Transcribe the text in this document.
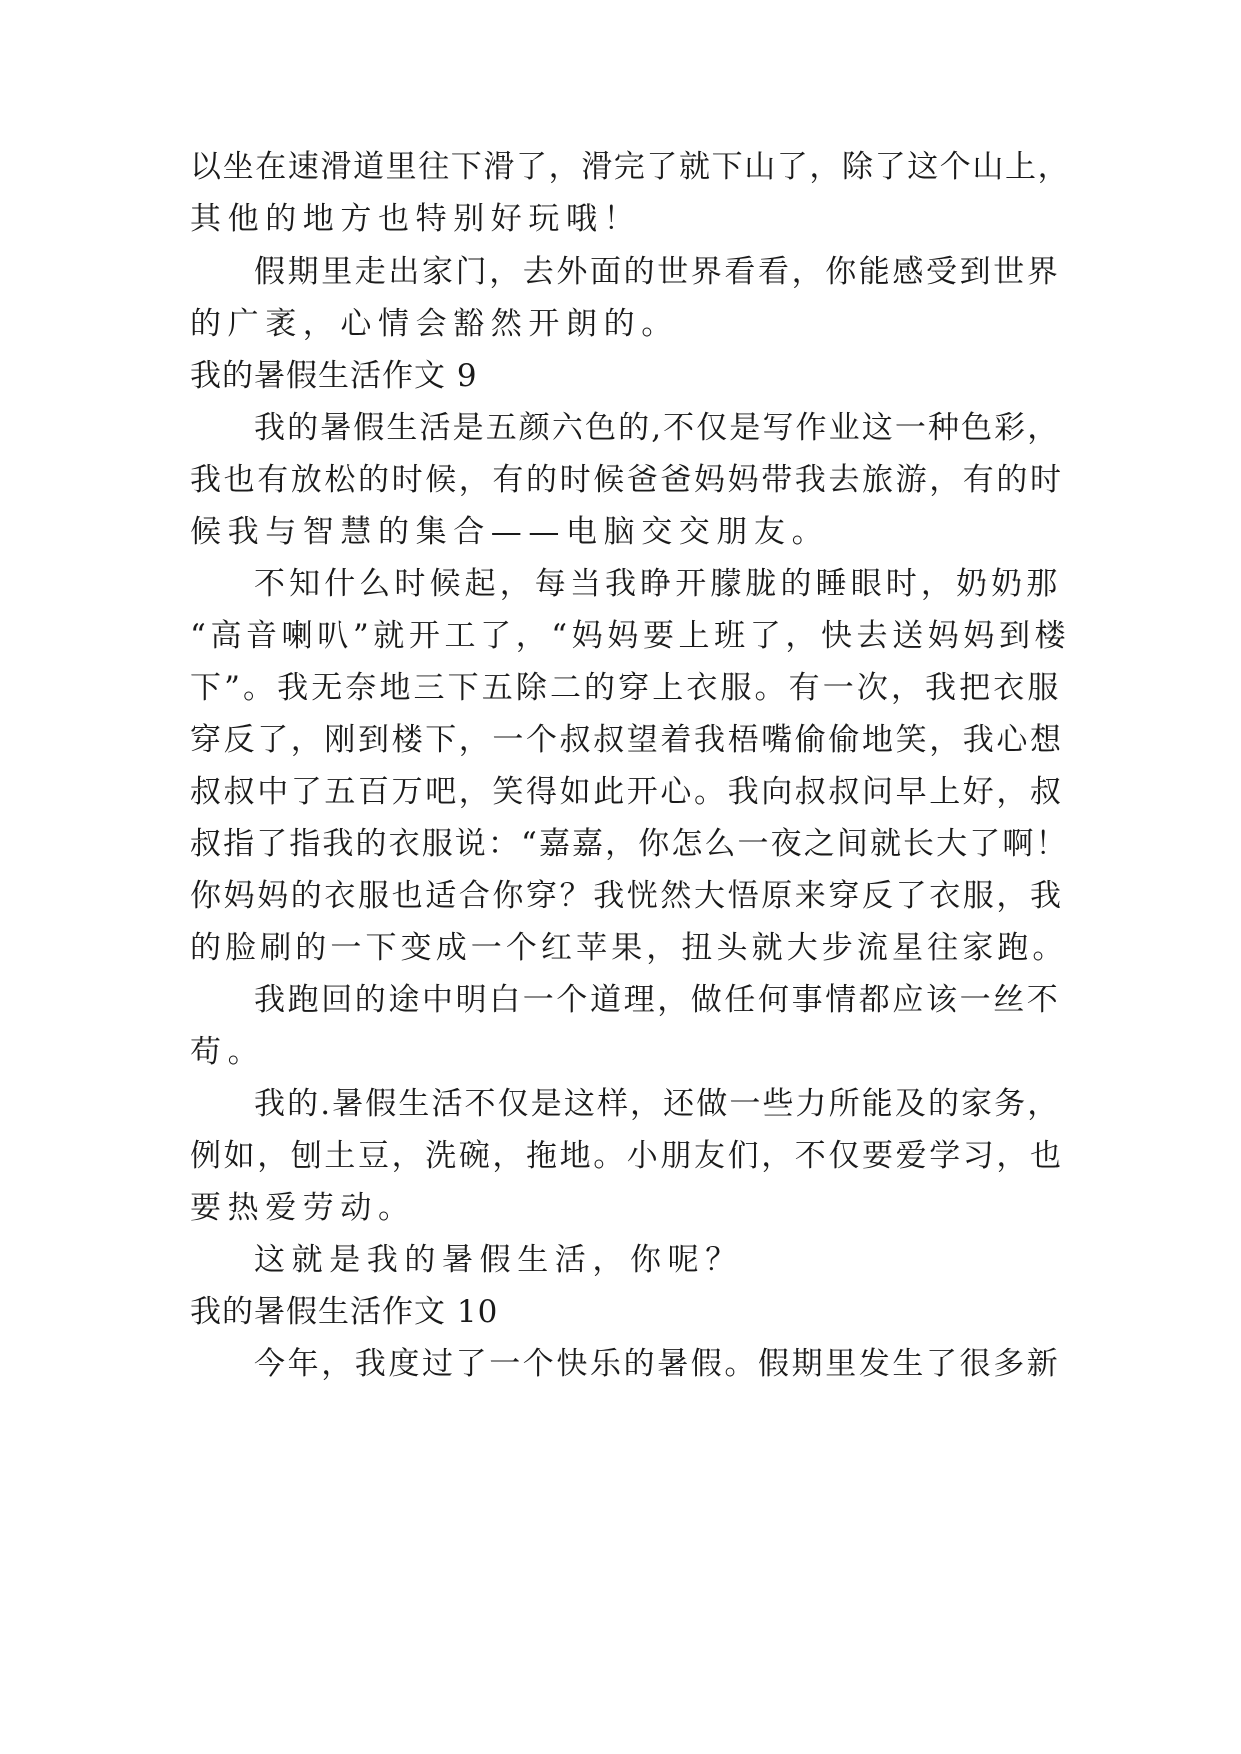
以坐在速滑道里往下滑了，滑完了就下山了，除了这个山上，
其他的地方也特别好玩哦！
假期里走出家门，去外面的世界看看，你能感受到世界
的广袤，心情会豁然开朗的。
我的暑假生活作文 9
我的暑假生活是五颜六色的,不仅是写作业这一种色彩，
我也有放松的时候，有的时候爸爸妈妈带我去旅游，有的时
候我与智慧的集合——电脑交交朋友。
不知什么时候起，每当我睁开朦胧的睡眼时，奶奶那
“高音喇叭”就开工了，“妈妈要上班了，快去送妈妈到楼
下”。我无奈地三下五除二的穿上衣服。有一次，我把衣服
穿反了，刚到楼下，一个叔叔望着我梧嘴偷偷地笑，我心想
叔叔中了五百万吧，笑得如此开心。我向叔叔问早上好，叔
叔指了指我的衣服说：“嘉嘉，你怎么一夜之间就长大了啊！
你妈妈的衣服也适合你穿？我恍然大悟原来穿反了衣服，我
的脸刷的一下变成一个红苹果，扭头就大步流星往家跑。
我跑回的途中明白一个道理，做任何事情都应该一丝不
苟。
我的.暑假生活不仅是这样，还做一些力所能及的家务，
例如，刨土豆，洗碗，拖地。小朋友们，不仅要爱学习，也
要热爱劳动。
这就是我的暑假生活，你呢？
我的暑假生活作文 10
今年，我度过了一个快乐的暑假。假期里发生了很多新
